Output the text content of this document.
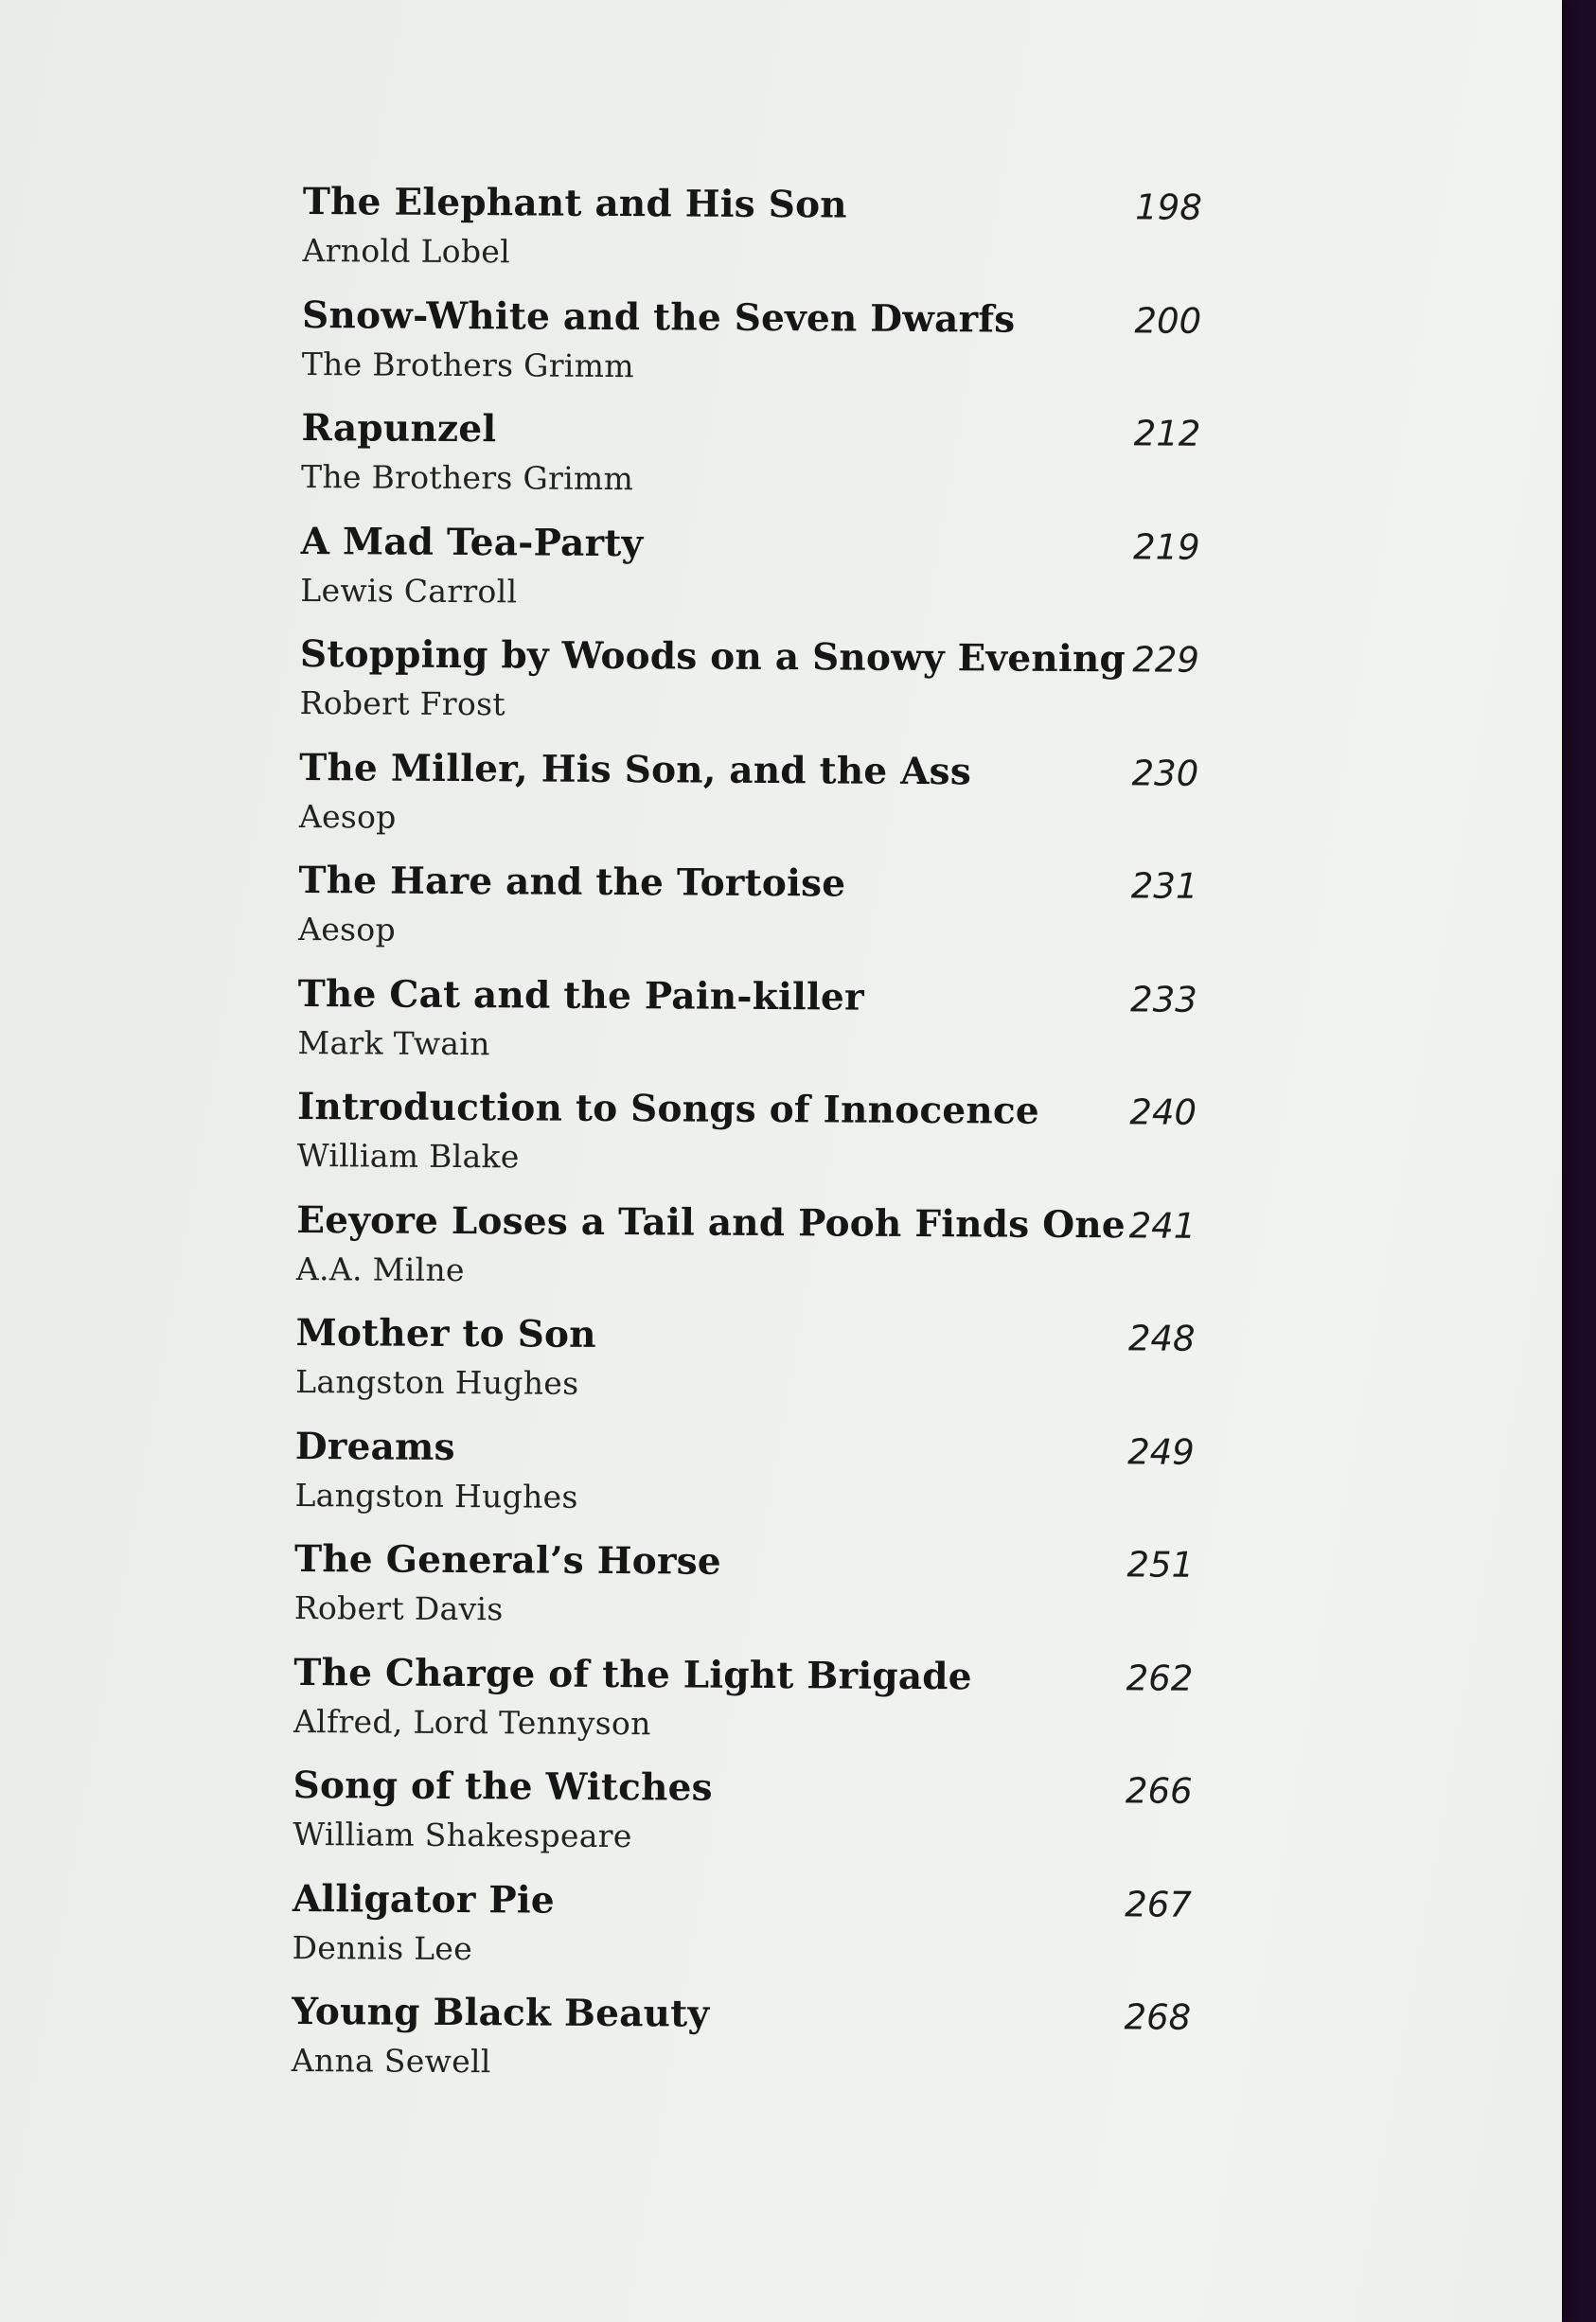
The Elephant and His Son
Arnold Lobel
198
Snow-White and the Seven Dwarfs
The Brothers Grimm
200
Rapunzel
The Brothers Grimm
212
A Mad Tea-Party
Lewis Carroll
219
Stopping by Woods on a Snowy Evening
Robert Frost
229
The Miller, His Son, and the Ass
Aesop
230
The Hare and the Tortoise
Aesop
231
The Cat and the Pain-killer
Mark Twain
233
Introduction to Songs of Innocence
William Blake
240
Eeyore Loses a Tail and Pooh Finds One
A.A. Milne
241
Mother to Son
Langston Hughes
248
Dreams
Langston Hughes
249
The General’s Horse
Robert Davis
251
The Charge of the Light Brigade
Alfred, Lord Tennyson
262
Song of the Witches
William Shakespeare
266
Alligator Pie
Dennis Lee
267
Young Black Beauty
Anna Sewell
268
